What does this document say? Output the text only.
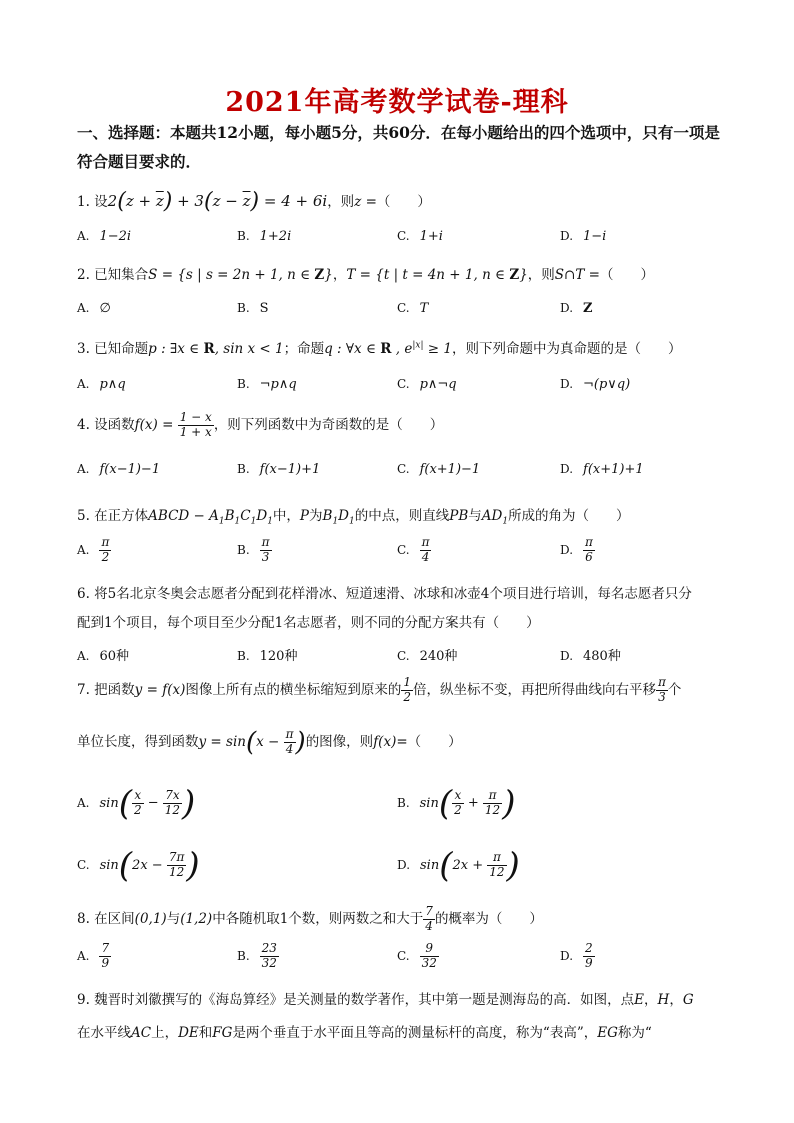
2021年高考数学试卷-理科
一、选择题：本题共12小题，每小题5分，共60分．在每小题给出的四个选项中，只有一项是符合题目要求的．
1. 设$2(z + \overline{z}) + 3(z - \overline{z}) = 4 + 6i$，则z =（　　）
A. 1−2i	B. 1+2i	C. 1+i	D. 1−i
2. 已知集合S = {s | s = 2n + 1, n ∈ Z}，T = {t | t = 4n + 1, n ∈ Z}，则S∩T =（　　）
A. ∅	B. S	C. T	D. Z
3. 已知命题p : ∃x ∈ R, sin x < 1；命题q : ∀x ∈ R , $e^{|x|} \ge 1$，则下列命题中为真命题的是（　　）
A. p∧q	B. ¬p∧q	C. p∧¬q	D. ¬(p∨q)
4. 设函数$f(x) = \frac{1 - x}{1 + x}$ ，则下列函数中为奇函数的是（　　）
A. f(x−1)−1	B. f(x−1)+1	C. f(x+1)−1	D. f(x+1)+1
5. 在正方体ABCD − $A_1B_1C_1D_1$中，P为$B_1D_1$的中点，则直线PB与$AD_1$所成的角为（　　）
A. $\frac{\pi}{2}$	B. $\frac{\pi}{3}$	C. $\frac{\pi}{4}$	D. $\frac{\pi}{6}$
6. 将5名北京冬奥会志愿者分配到花样滑冰、短道速滑、冰球和冰壶4个项目进行培训，每名志愿者只分
配到1个项目，每个项目至少分配1名志愿者，则不同的分配方案共有（　　）
A. 60种	B. 120种	C. 240种	D. 480种
7. 把函数y = f(x)图像上所有点的横坐标缩短到原来的 $\frac{1}{2}$ 倍，纵坐标不变，再把所得曲线向右平移 $\frac{\pi}{3}$ 个
单位长度，得到函数$y = \sin(x - \frac{\pi}{4}$ )的图像，则f(x)=（　　）
A. $\sin( \frac{x}{2} - \frac{7x}{12}$ )	B. $\sin( \frac{x}{2} + \frac{\pi}{12}$ )
C. $\sin(2x - \frac{7\pi}{12}$ )	D. $\sin(2x + \frac{\pi}{12}$ )
8. 在区间(0,1)与(1,2)中各随机取1个数，则两数之和大于 $\frac{7}{4}$ 的概率为（　　）
A. $\frac{7}{9}$	B. $\frac{23}{32}$	C. $\frac{9}{32}$	D. $\frac{2}{9}$
9. 魏晋时刘徽撰写的《海岛算经》是关测量的数学著作，其中第一题是测海岛的高．如图，点E，H，G
在水平线AC上，DE和FG是两个垂直于水平面且等高的测量标杆的高度，称为“表高”，EG称为“
